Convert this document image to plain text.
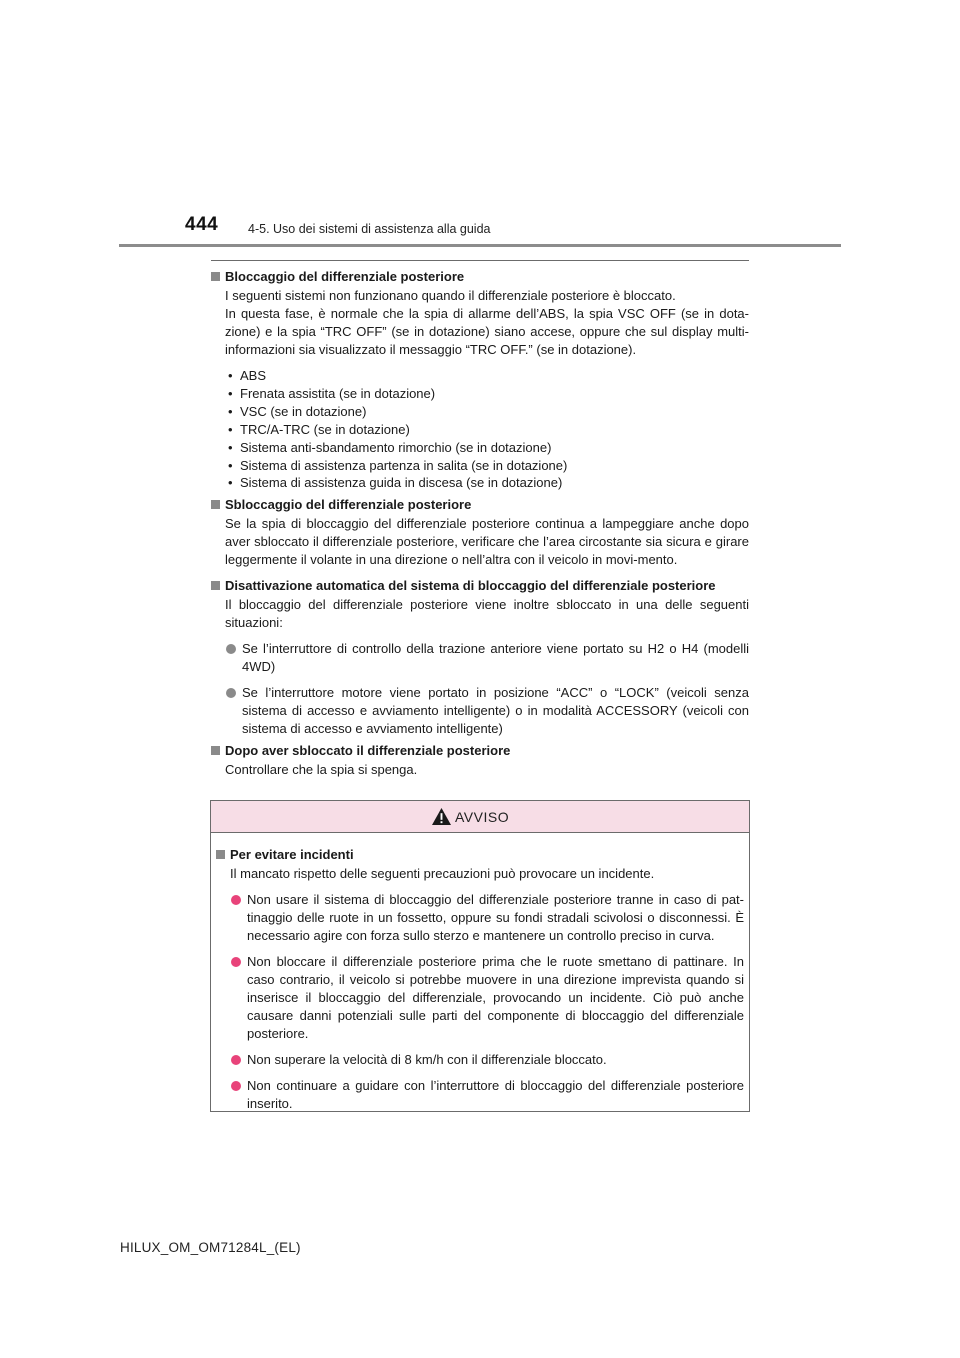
444 4-5. Uso dei sistemi di assistenza alla guida
Bloccaggio del differenziale posteriore

I seguenti sistemi non funzionano quando il differenziale posteriore è bloccato.

In questa fase, è normale che la spia di allarme dell’ABS, la spia VSC OFF (se in dota-zione) e la spia “TRC OFF” (se in dotazione) siano accese, oppure che sul display multi-informazioni sia visualizzato il messaggio “TRC OFF.” (se in dotazione).

• ABS
• Frenata assistita (se in dotazione)
• VSC (se in dotazione)
• TRC/A-TRC (se in dotazione)
• Sistema anti-sbandamento rimorchio (se in dotazione)
• Sistema di assistenza partenza in salita (se in dotazione)
• Sistema di assistenza guida in discesa (se in dotazione)
Sbloccaggio del differenziale posteriore

Se la spia di bloccaggio del differenziale posteriore continua a lampeggiare anche dopo aver sbloccato il differenziale posteriore, verificare che l’area circostante sia sicura e girare leggermente il volante in una direzione o nell’altra con il veicolo in movi-mento.

Disattivazione automatica del sistema di bloccaggio del differenziale posteriore

Il bloccaggio del differenziale posteriore viene inoltre sbloccato in una delle seguenti situazioni:

Se l’interruttore di controllo della trazione anteriore viene portato su H2 o H4 (modelli 4WD)
Se l’interruttore motore viene portato in posizione “ACC” o “LOCK” (veicoli senza sistema di accesso e avviamento intelligente) o in modalità ACCESSORY (veicoli con sistema di accesso e avviamento intelligente)
Dopo aver sbloccato il differenziale posteriore

Controllare che la spia si spenga.

AVVISO
Per evitare incidenti

Il mancato rispetto delle seguenti precauzioni può provocare un incidente.

Non usare il sistema di bloccaggio del differenziale posteriore tranne in caso di pat-tinaggio delle ruote in un fossetto, oppure su fondi stradali scivolosi o disconnessi. È necessario agire con forza sullo sterzo e mantenere un controllo preciso in curva.
Non bloccare il differenziale posteriore prima che le ruote smettano di pattinare. In caso contrario, il veicolo si potrebbe muovere in una direzione imprevista quando si inserisce il bloccaggio del differenziale, provocando un incidente. Ciò può anche causare danni potenziali sulle parti del componente di bloccaggio del differenziale posteriore.
Non superare la velocità di 8 km/h con il differenziale bloccato.
Non continuare a guidare con l’interruttore di bloccaggio del differenziale posteriore inserito.
HILUX_OM_OM71284L_(EL)
